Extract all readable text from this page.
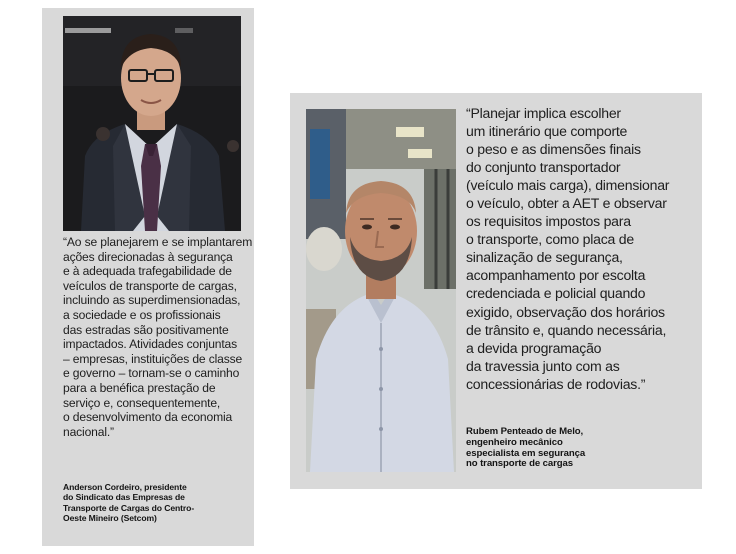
“Ao se planejarem e se implantarem
ações direcionadas à segurança
e à adequada trafegabilidade de
veículos de transporte de cargas,
incluindo as superdimensionadas,
a sociedade e os profissionais
das estradas são positivamente
impactados. Atividades conjuntas
– empresas, instituições de classe
e governo – tornam-se o caminho
para a benéfica prestação de
serviço e, consequentemente,
o desenvolvimento da economia
nacional.”

Anderson Cordeiro, presidente
do Sindicato das Empresas de
Transporte de Cargas do Centro-
Oeste Mineiro (Setcom)

“Planejar implica escolher
um itinerário que comporte
o peso e as dimensões finais
do conjunto transportador
(veículo mais carga), dimensionar
o veículo, obter a AET e observar
os requisitos impostos para
o transporte, como placa de
sinalização de segurança,
acompanhamento por escolta
credenciada e policial quando
exigido, observação dos horários
de trânsito e, quando necessária,
a devida programação
da travessia junto com as
concessionárias de rodovias.”

Rubem Penteado de Melo,
engenheiro mecânico
especialista em segurança
no transporte de cargas
